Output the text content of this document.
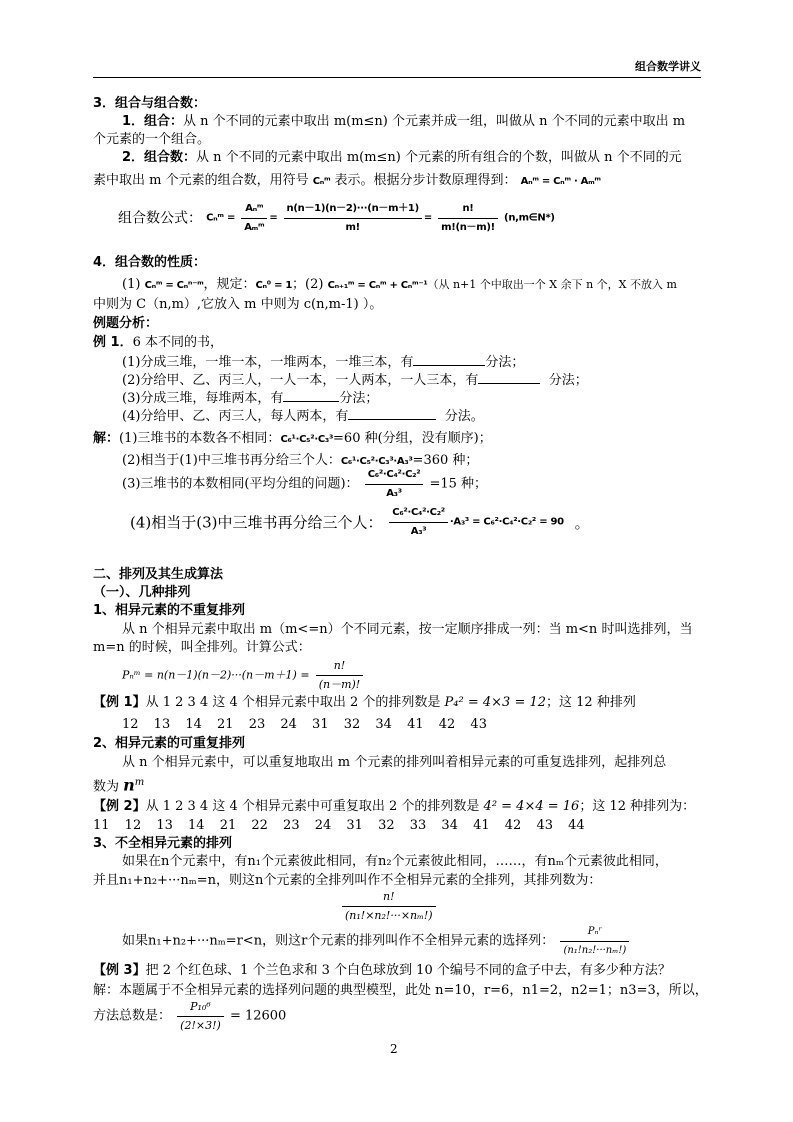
组合数学讲义
3．组合与组合数：
1．组合：从 n 个不同的元素中取出 m(m≤n) 个元素并成一组，叫做从 n 个不同的元素中取出 m
个元素的一个组合。
2．组合数：从 n 个不同的元素中取出 m(m≤n) 个元素的所有组合的个数，叫做从 n 个不同的元
素中取出 m 个元素的组合数，用符号 Cₙᵐ 表示。根据分步计数原理得到： Aₙᵐ = Cₙᵐ · Aₘᵐ
组合数公式： Cₙᵐ = $\frac{\text{Aₙᵐ}}{\text{Aₘᵐ}} = \frac{n(n-1)(n-2)\cdot\cdot\cdot(n-m+1)}{m!} = \frac{n!}{m!(n-m)!}$ (n,m∈N*)
4．组合数的性质：
(1) Cₙᵐ = Cₙⁿ⁻ᵐ，规定：Cₙ⁰ = 1；(2) Cₙ₊₁ᵐ = Cₙᵐ + Cₙᵐ⁻¹（从 n+1 个中取出一个 X 余下 n 个，X 不放入 m
中则为 C（n,m）,它放入 m 中则为 c(n,m-1) ）。
例题分析：
例 1．6 本不同的书，
(1)分成三堆，一堆一本，一堆两本，一堆三本，有	分法；
(2)分给甲、乙、丙三人，一人一本，一人两本，一人三本，有	分法；
(3)分成三堆，每堆两本，有	分法；
(4)分给甲、乙、丙三人，每人两本，有	分法。
解：(1)三堆书的本数各不相同：C₆¹·C₅²·C₃³=60 种(分组，没有顺序)；
(2)相当于(1)中三堆书再分给三个人：C₆¹·C₅²·C₃³·A₃³=360 种；
(3)三堆书的本数相同(平均分组的问题)： $\frac{\text{C₆²·C₄²·C₂²}}{\text{A₃³}} =15$ 种；
(4)相当于(3)中三堆书再分给三个人： $\frac{\text{C₆²·C₄²·C₂²}}{\text{A₃³}} \cdot A_3^3 = C_6^2\cdot C_4^2\cdot C_2^2 = 90$ 。
二、排列及其生成算法
（一）、几种排列
1、相异元素的不重复排列
从 n 个相异元素中取出 m（m<=n）个不同元素，按一定顺序排成一列：当 m<n 时叫选排列，当
m=n 的时候，叫全排列。计算公式：
Pₙᵐ = $n(n-1)(n-2)\cdot\cdot\cdot(n-m+1) = \frac{n!}{(n-m)!}$
【例 1】从 1 2 3 4 这 4 个相异元素中取出 2 个的排列数是 P₄² = 4×3 = 12；这 12 种排列
12 13 14 21 23 24 31 32 34 41 42 43
2、相异元素的可重复排列
从 n 个相异元素中，可以重复地取出 m 个元素的排列叫着相异元素的可重复选排列，起排列总
数为 $n^m$
【例 2】从 1 2 3 4 这 4 个相异元素中可重复取出 2 个的排列数是 4² = 4×4 = 16；这 12 种排列为：
11 12 13 14 21 22 23 24 31 32 33 34 41 42 43 44
3、不全相异元素的排列
如果在n个元素中，有n₁个元素彼此相同，有n₂个元素彼此相同，……，有nₘ个元素彼此相同，
并且n₁+n₂+···nₘ=n，则这n个元素的全排列叫作不全相异元素的全排列，其排列数为：
$\frac{n!}{\text{(n₁!×n₂!···×nₘ!)}}$
如果n₁+n₂+···nₘ=r<n，则这r个元素的排列叫作不全相异元素的选择列： $\frac{\text{Pₙʳ}}{\text{(n₁!n₂!···nₘ!)}}$
【例 3】把 2 个红色球、1 个兰色求和 3 个白色球放到 10 个编号不同的盒子中去，有多少种方法？
解：本题属于不全相异元素的选择列问题的典型模型，此处 n=10，r=6，n1=2，n2=1；n3=3，所以，
方法总数是： $\frac{\text{P₁₀⁶}}{(2!\times 3!)} = 12600$
2
